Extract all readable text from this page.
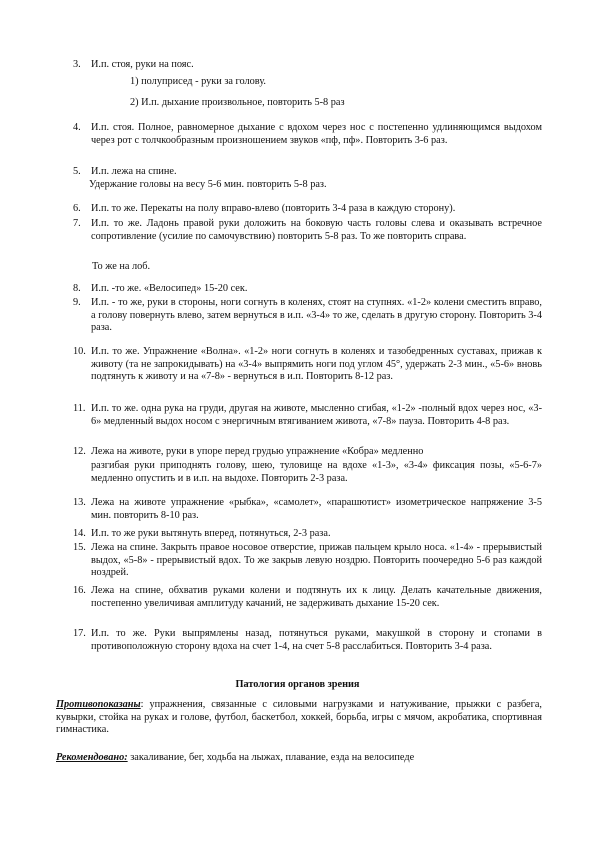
3. И.п. стоя, руки на пояс.

1) полуприсед - руки за голову.

2) И.п. дыхание произвольное, повторить 5-8 раз

4. И.п. стоя. Полное, равномерное дыхание с вдохом через нос с постепенно удлиняющимся выдохом через рот с толчкообразным произношением звуков «пф, пф». Повторить 3-6 раз.

5. И.п. лежа на спине.

Удержание головы на весу 5-6 мин. повторить 5-8 раз.

6. И.п. то же. Перекаты на полу вправо-влево (повторить 3-4 раза в каждую сторону).

7. И.п. то же. Ладонь правой руки доложить на боковую часть головы слева и оказывать встречное сопротивление (усилие по самочувствию) повторить 5-8 раз. То же повторить справа.

То же на лоб.

8. И.п. -то же. «Велосипед» 15-20 сек.

9. И.п. - то же, руки в стороны, ноги согнуть в коленях, стоят на ступнях. «1-2» колени сместить вправо, а голову повернуть влево, затем вернуться в и.п. «3-4» то же, сделать в другую сторону. Повторить 3-4 раза.

10. И.п. то же. Упражнение «Волна». «1-2» ноги согнуть в коленях и тазобедренных суставах, прижав к животу (та не запрокидывать) на «3-4» выпрямить ноги под углом 45°, удержать 2-3 мин., «5-6» вновь подтянуть к животу и на «7-8» - вернуться в и.п. Повторить 8-12 раз.

11. И.п. то же. одна рука на груди, другая на животе, мысленно сгибая, «1-2» -полный вдох через нос, «3-6» медленный выдох носом с энергичным втягиванием живота, «7-8» пауза. Повторить 4-8 раз.

12. Лежа на животе, руки в упоре перед грудью упражнение «Кобра» медленно

разгибая руки приподнять голову, шею, туловище на вдохе «1-3», «3-4» фиксация позы, «5-6-7» медленно опустить и в и.п. на выдохе. Повторить 2-3 раза.

13. Лежа на животе упражнение «рыбка», «самолет», «парашютист» изометрическое напряжение 3-5 мин. повторить 8-10 раз.

14. И.п. то же руки вытянуть вперед, потянуться, 2-3 раза.

15. Лежа на спине. Закрыть правое носовое отверстие, прижав пальцем крыло носа. «1-4» - прерывистый выдох, «5-8» - прерывистый вдох. То же закрыв левую ноздрю. Повторить поочередно 5-6 раз каждой ноздрей.

16. Лежа на спине, обхватив руками колени и подтянуть их к лицу. Делать качательные движения, постепенно увеличивая амплитуду качаний, не задерживать дыхание 15-20 сек.

17. И.п. то же. Руки выпрямлены назад, потянуться руками, макушкой в сторону и стопами в противоположную сторону вдоха на счет 1-4, на счет 5-8 расслабиться. Повторить 3-4 раза.

Патология органов зрения
Противопоказаны: упражнения, связанные с силовыми нагрузками и натуживание, прыжки с разбега, кувырки, стойка на руках и голове, футбол, баскетбол, хоккей, борьба, игры с мячом, акробатика, спортивная гимнастика.
Рекомендовано: закаливание, бег, ходьба на лыжах, плавание, езда на велосипеде
